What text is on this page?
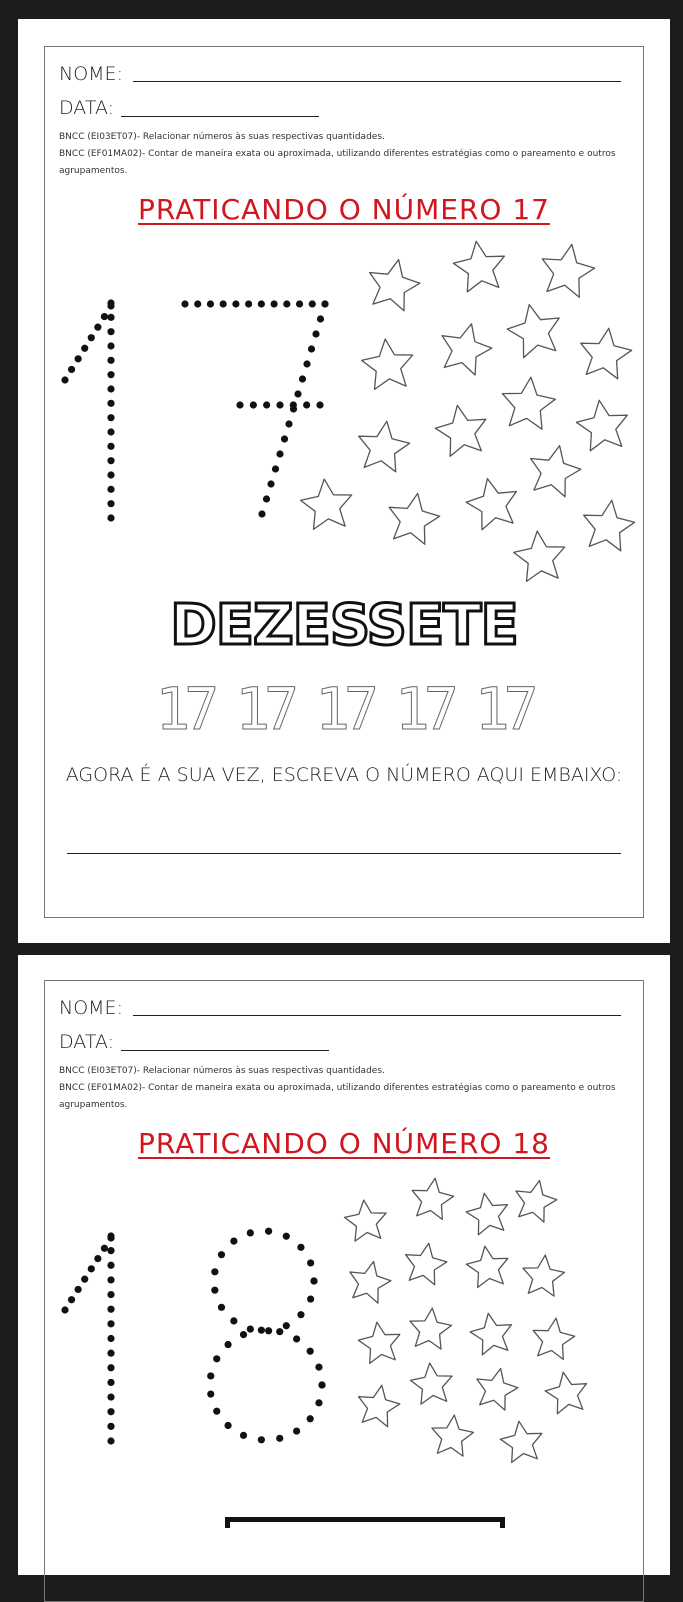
NOME:
DATA:
BNCC (EI03ET07)- Relacionar números às suas respectivas quantidades.
BNCC (EF01MA02)- Contar de maneira exata ou aproximada, utilizando diferentes estratégias como o pareamento e outros agrupamentos.
PRATICANDO O NÚMERO 17
DEZESSETE
17 17 17 17 17
AGORA É A SUA VEZ, ESCREVA O NÚMERO AQUI EMBAIXO:
NOME:
DATA:
BNCC (EI03ET07)- Relacionar números às suas respectivas quantidades.
BNCC (EF01MA02)- Contar de maneira exata ou aproximada, utilizando diferentes estratégias como o pareamento e outros agrupamentos.
PRATICANDO O NÚMERO 18
